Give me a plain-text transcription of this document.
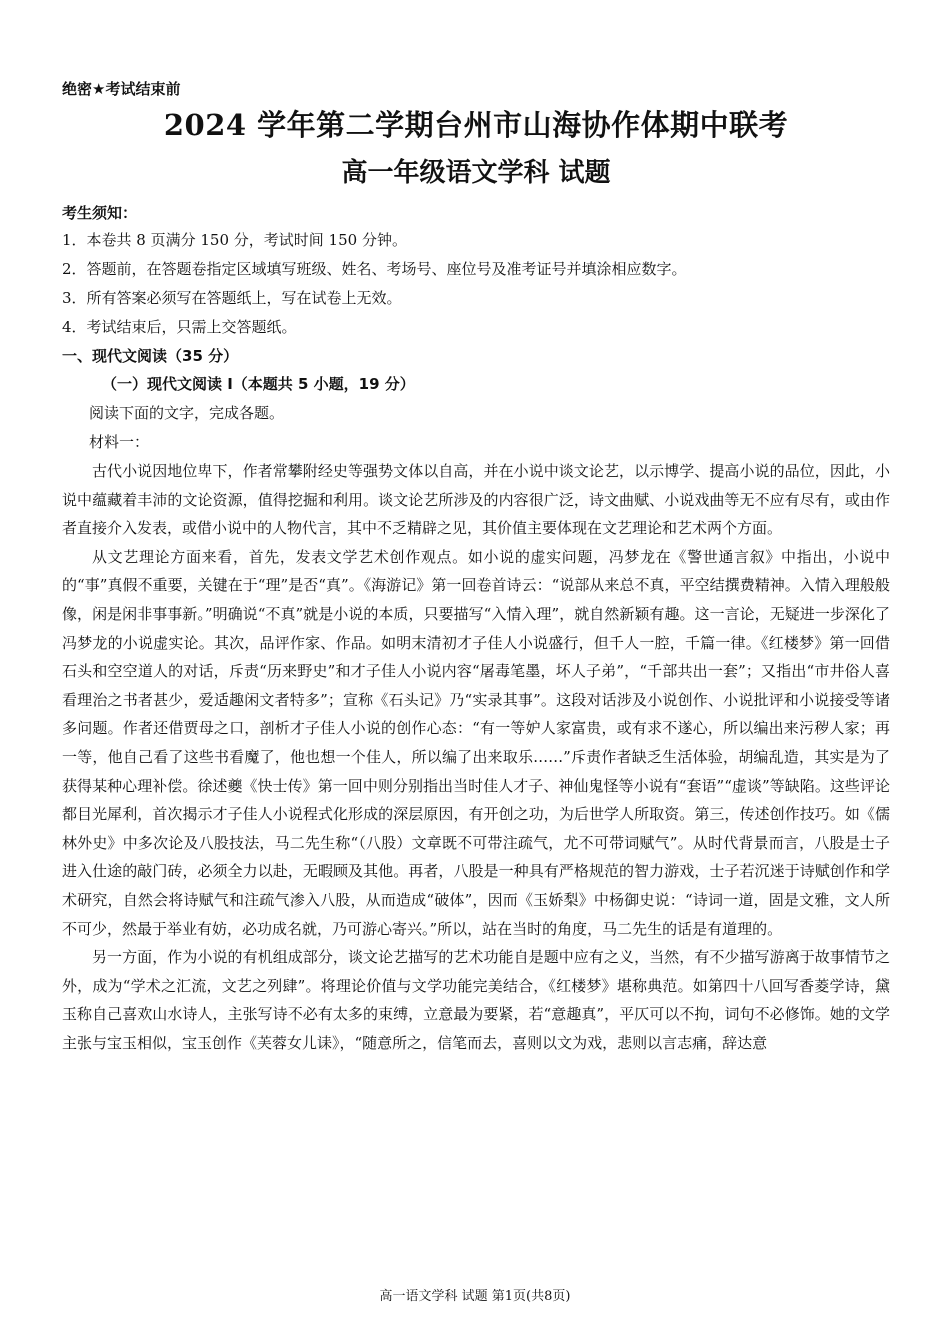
绝密★考试结束前
2024 学年第二学期台州市山海协作体期中联考
高一年级语文学科 试题
考生须知：
1．本卷共 8 页满分 150 分，考试时间 150 分钟。
2．答题前，在答题卷指定区域填写班级、姓名、考场号、座位号及准考证号并填涂相应数字。
3．所有答案必须写在答题纸上，写在试卷上无效。
4．考试结束后，只需上交答题纸。
一、现代文阅读（35 分）
（一）现代文阅读 I（本题共 5 小题，19 分）
阅读下面的文字，完成各题。
材料一：

古代小说因地位卑下，作者常攀附经史等强势文体以自高，并在小说中谈文论艺，以示博学、提高小说的品位，因此，小说中蕴藏着丰沛的文论资源，值得挖掘和利用。谈文论艺所涉及的内容很广泛，诗文曲赋、小说戏曲等无不应有尽有，或由作者直接介入发表，或借小说中的人物代言，其中不乏精辟之见，其价值主要体现在文艺理论和艺术两个方面。

从文艺理论方面来看，首先，发表文学艺术创作观点。如小说的虚实问题，冯梦龙在《警世通言叙》中指出，小说中的“事”真假不重要，关键在于“理”是否“真”。《海游记》第一回卷首诗云：“说部从来总不真，平空结撰费精神。入情入理般般像，闲是闲非事事新。”明确说“不真”就是小说的本质，只要描写“入情入理”，就自然新颖有趣。这一言论，无疑进一步深化了冯梦龙的小说虚实论。其次，品评作家、作品。如明末清初才子佳人小说盛行，但千人一腔，千篇一律。《红楼梦》第一回借石头和空空道人的对话，斥责“历来野史”和才子佳人小说内容“屠毒笔墨，坏人子弟”，“千部共出一套”；又指出“市井俗人喜看理治之书者甚少，爱适趣闲文者特多”；宣称《石头记》乃“实录其事”。这段对话涉及小说创作、小说批评和小说接受等诸多问题。作者还借贾母之口，剖析才子佳人小说的创作心态：“有一等妒人家富贵，或有求不遂心，所以编出来污秽人家；再一等，他自己看了这些书看魔了，他也想一个佳人，所以编了出来取乐……”斥责作者缺乏生活体验，胡编乱造，其实是为了获得某种心理补偿。徐述夔《快士传》第一回中则分别指出当时佳人才子、神仙鬼怪等小说有“套语”“虚谈”等缺陷。这些评论都目光犀利，首次揭示才子佳人小说程式化形成的深层原因，有开创之功，为后世学人所取资。第三，传述创作技巧。如《儒林外史》中多次论及八股技法，马二先生称“（八股）文章既不可带注疏气，尤不可带词赋气”。从时代背景而言，八股是士子进入仕途的敲门砖，必须全力以赴，无暇顾及其他。再者，八股是一种具有严格规范的智力游戏，士子若沉迷于诗赋创作和学术研究，自然会将诗赋气和注疏气渗入八股，从而造成“破体”，因而《玉娇梨》中杨御史说：“诗词一道，固是文雅，文人所不可少，然最于举业有妨，必功成名就，乃可游心寄兴。”所以，站在当时的角度，马二先生的话是有道理的。

另一方面，作为小说的有机组成部分，谈文论艺描写的艺术功能自是题中应有之义，当然，有不少描写游离于故事情节之外，成为“学术之汇流，文艺之列肆”。将理论价值与文学功能完美结合，《红楼梦》堪称典范。如第四十八回写香菱学诗，黛玉称自己喜欢山水诗人，主张写诗不必有太多的束缚，立意最为要紧，若“意趣真”，平仄可以不拘，词句不必修饰。她的文学主张与宝玉相似，宝玉创作《芙蓉女儿诔》，“随意所之，信笔而去，喜则以文为戏，悲则以言志痛，辞达意

高一语文学科 试题 第1页(共8页)
